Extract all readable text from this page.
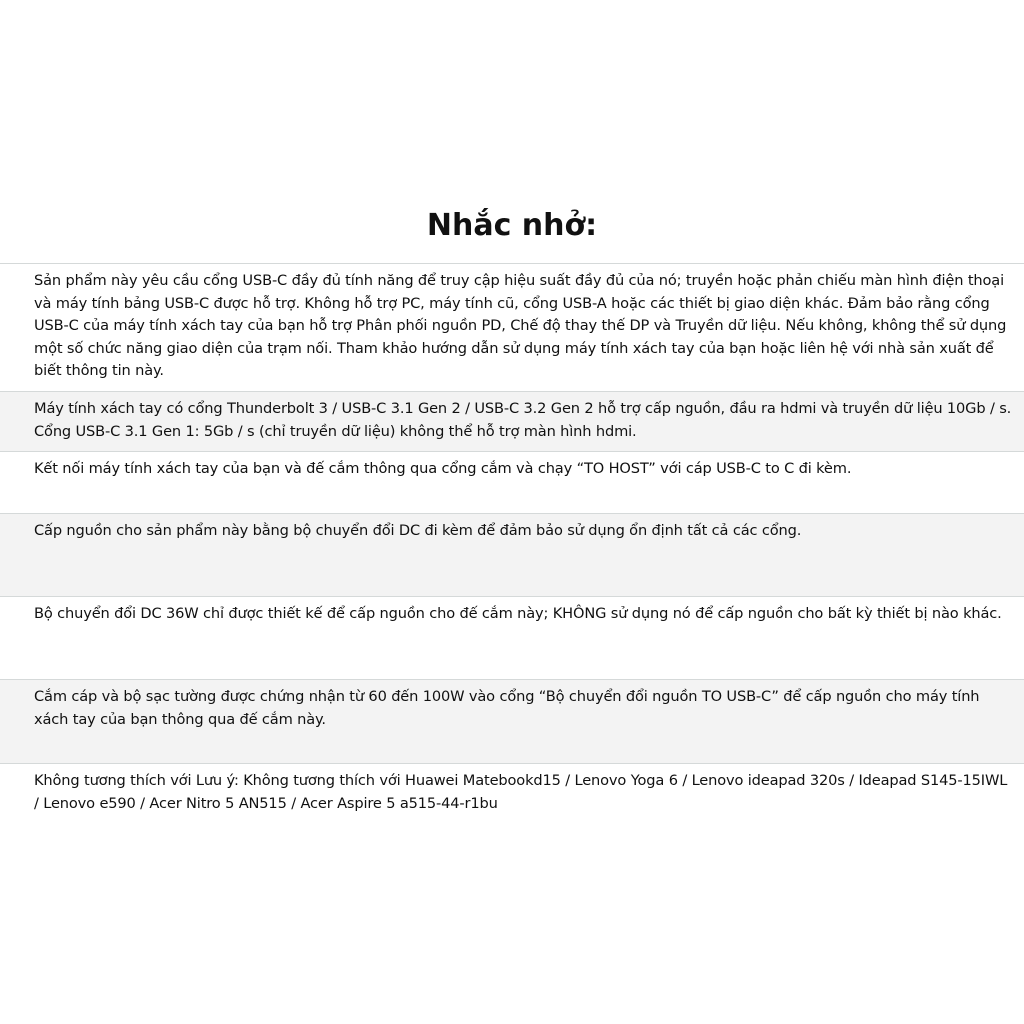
Nhắc nhở:
Sản phẩm này yêu cầu cổng USB-C đầy đủ tính năng để truy cập hiệu suất đầy đủ của nó; truyền hoặc phản chiếu màn hình điện thoại và máy tính bảng USB-C được hỗ trợ. Không hỗ trợ PC, máy tính cũ, cổng USB-A hoặc các thiết bị giao diện khác. Đảm bảo rằng cổng USB-C của máy tính xách tay của bạn hỗ trợ Phân phối nguồn PD, Chế độ thay thế DP và Truyền dữ liệu. Nếu không, không thể sử dụng một số chức năng giao diện của trạm nối. Tham khảo hướng dẫn sử dụng máy tính xách tay của bạn hoặc liên hệ với nhà sản xuất để biết thông tin này.
Máy tính xách tay có cổng Thunderbolt 3 / USB-C 3.1 Gen 2 / USB-C 3.2 Gen 2 hỗ trợ cấp nguồn, đầu ra hdmi và truyền dữ liệu 10Gb / s. Cổng USB-C 3.1 Gen 1: 5Gb / s (chỉ truyền dữ liệu) không thể hỗ trợ màn hình hdmi.
Kết nối máy tính xách tay của bạn và đế cắm thông qua cổng cắm và chạy “TO HOST” với cáp USB-C to C đi kèm.
Cấp nguồn cho sản phẩm này bằng bộ chuyển đổi DC đi kèm để đảm bảo sử dụng ổn định tất cả các cổng.
Bộ chuyển đổi DC 36W chỉ được thiết kế để cấp nguồn cho đế cắm này; KHÔNG sử dụng nó để cấp nguồn cho bất kỳ thiết bị nào khác.
Cắm cáp và bộ sạc tường được chứng nhận từ 60 đến 100W vào cổng “Bộ chuyển đổi nguồn TO USB-C” để cấp nguồn cho máy tính xách tay của bạn thông qua đế cắm này.
Không tương thích với Lưu ý: Không tương thích với Huawei Matebookd15 / Lenovo Yoga 6 / Lenovo ideapad 320s / Ideapad S145-15IWL / Lenovo e590 / Acer Nitro 5 AN515 / Acer Aspire 5 a515-44-r1bu
